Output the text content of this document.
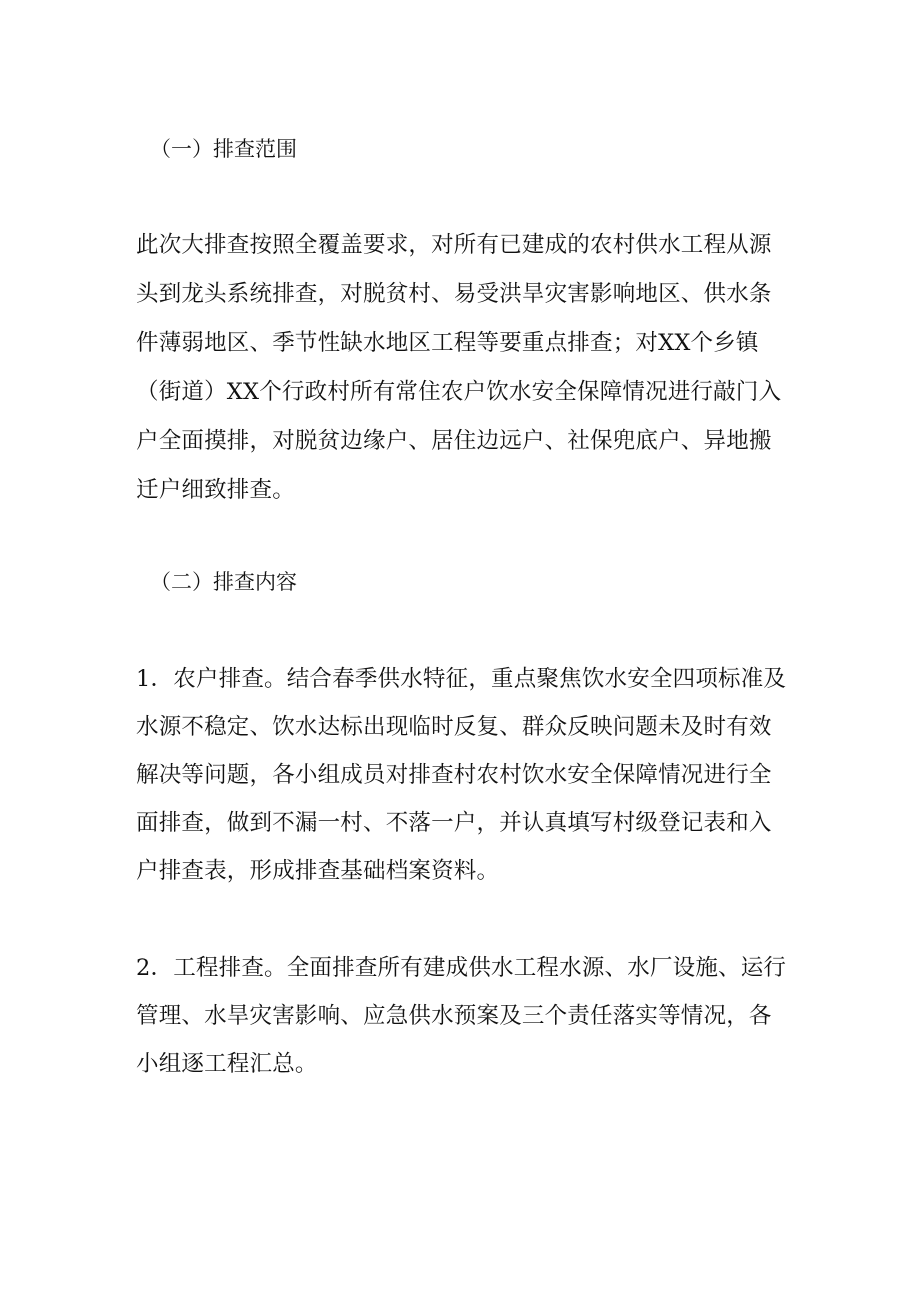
（一）排查范围
此次大排查按照全覆盖要求，对所有已建成的农村供水工程从源
头到龙头系统排查，对脱贫村、易受洪旱灾害影响地区、供水条
件薄弱地区、季节性缺水地区工程等要重点排查；对XX个乡镇
（街道）XX个行政村所有常住农户饮水安全保障情况进行敲门入
户全面摸排，对脱贫边缘户、居住边远户、社保兜底户、异地搬
迁户细致排查。
（二）排查内容
1．农户排查。结合春季供水特征，重点聚焦饮水安全四项标准及
水源不稳定、饮水达标出现临时反复、群众反映问题未及时有效
解决等问题，各小组成员对排查村农村饮水安全保障情况进行全
面排查，做到不漏一村、不落一户，并认真填写村级登记表和入
户排查表，形成排查基础档案资料。
2．工程排查。全面排查所有建成供水工程水源、水厂设施、运行
管理、水旱灾害影响、应急供水预案及三个责任落实等情况，各
小组逐工程汇总。
